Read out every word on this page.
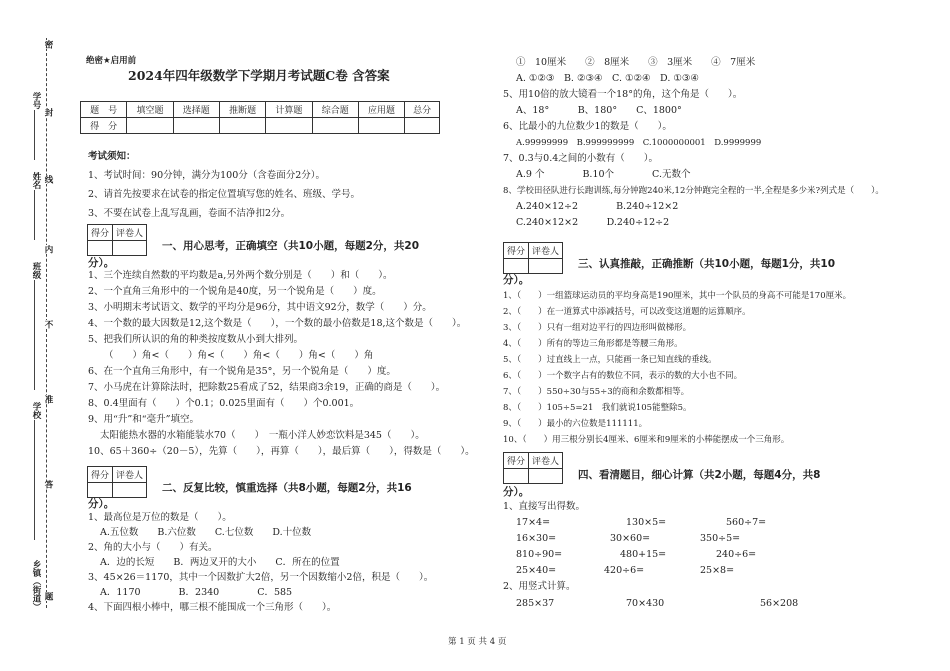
学号
姓名
班级
学校
乡镇（街道）
密
封
线
内
不
准
答
题
绝密★启用前
2024年四年级数学下学期月考试题C卷 含答案
题　号	填空题	选择题	推断题	计算题	综合题	应用题	总分
得　分							
考试须知：
1、考试时间：90分钟，满分为100分（含卷面分2分）。
2、请首先按要求在试卷的指定位置填写您的姓名、班级、学号。
3、不要在试卷上乱写乱画，卷面不洁净扣2分。
得分	评卷人

一、用心思考，正确填空（共10小题，每题2分，共20
分）。
1、三个连续自然数的平均数是a,另外两个数分别是（　　）和（　　）。
2、一个直角三角形中的一个锐角是40度，另一个锐角是（　　）度。
3、小明期末考试语文、数学的平均分是96分，其中语文92分，数学（　　）分。
4、一个数的最大因数是12,这个数是（　　），一个数的最小倍数是18,这个数是（　　）。
5、把我们所认识的角的种类按度数从小到大排列。
（　　）角<（　　）角<（　　）角<（　　）角<（　　）角
6、在一个直角三角形中，有一个锐角是35°，另一个锐角是（　　）度。
7、小马虎在计算除法时，把除数25看成了52，结果商3余19，正确的商是（　　）。
8、0.4里面有（　　）个0.1；0.025里面有（　　）个0.001。
9、用“升”和“毫升”填空。
太阳能热水器的水箱能装水70（　　）　一瓶小洋人妙恋饮料是345（　　）。
10、65＋360÷（20－5），先算（　　），再算（　　），最后算（　　），得数是（　　）。
得分	评卷人

二、反复比较，慎重选择（共8小题，每题2分，共16
分）。
1、最高位是万位的数是（　　）。
A.五位数　　B.六位数　　C.七位数　　D.十位数
2、角的大小与（　　）有关。
A．边的长短　　B．两边叉开的大小　　C．所在的位置
3、45×26＝1170，其中一个因数扩大2倍，另一个因数缩小2倍，积是（　　）。
A．1170　　　　B．2340　　　　C．585
4、下面四根小棒中，哪三根不能围成一个三角形（　　）。
①　10厘米　　②　8厘米　　③　3厘米　　④　7厘米
A. ①②③　B. ②③④　C. ①②④　D. ①③④
5、用10倍的放大镜看一个18°的角，这个角是（　　）。
A、18°　　　B、180°　　C、1800°
6、比最小的九位数少1的数是（　　）。
A.99999999　B.999999999　C.1000000001　D.9999999
7、0.3与0.4之间的小数有（　　）。
A.9 个　　　　B.10个　　　　C.无数个
8、学校田径队进行长跑训练,每分钟跑240米,12分钟跑完全程的一半,全程是多少米?列式是（　　）。
A.240×12÷2　　　　B.240÷12×2
C.240×12×2　　　D.240÷12÷2
得分	评卷人

三、认真推敲，正确推断（共10小题，每题1分，共10
分）。
1、（　　）一组篮球运动员的平均身高是190厘米，其中一个队员的身高不可能是170厘米。
2、（　　）在一道算式中添减括号，可以改变这道题的运算顺序。
3、（　　）只有一组对边平行的四边形叫做梯形。
4、（　　）所有的等边三角形都是等腰三角形。
5、（　　）过直线上一点，只能画一条已知直线的垂线。
6、（　　）一个数字占有的数位不同，表示的数的大小也不同。
7、（　　）550÷30与55÷3的商和余数都相等。
8、（　　）105÷5=21　我们就说105能整除5。
9、（　　）最小的六位数是111111。
10、（　　）用三根分别长4厘米、6厘米和9厘米的小棒能摆成一个三角形。
得分	评卷人

四、看清题目，细心计算（共2小题，每题4分，共8
分）。
1、直接写出得数。
17×4=	130×5=	560÷7=
16×30=	30×60=	350÷5=
810÷90=	480+15=	240÷6=
25×40=	420÷6=	25×8=
2、用竖式计算。
285×37	70×430	56×208
第 1 页 共 4 页
